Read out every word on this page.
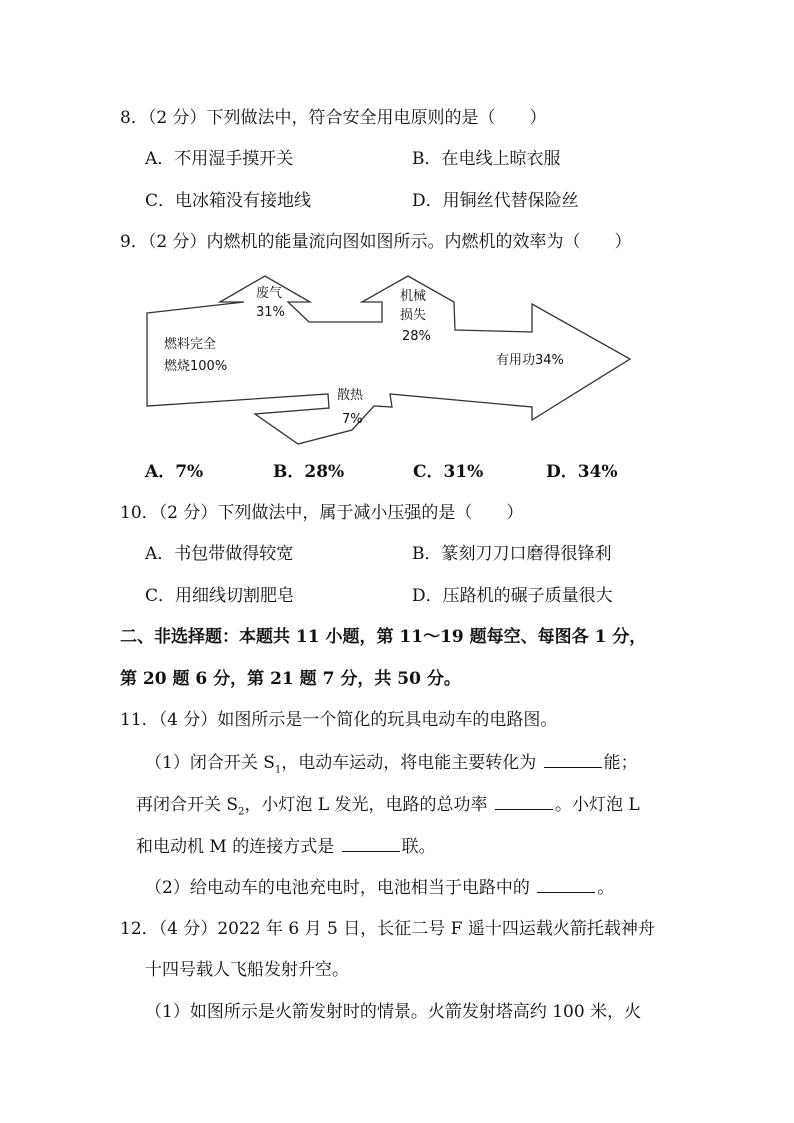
8．（2 分）下列做法中，符合安全用电原则的是（　　）
A．不用湿手摸开关	B．在电线上晾衣服
C．电冰箱没有接地线	D．用铜丝代替保险丝
9．（2 分）内燃机的能量流向图如图所示。内燃机的效率为（　　）
燃料完全
燃烧100%
废气
31%
机械
损失
28%
有用功34%
散热
7%
A．7%	B．28%	C．31%	D．34%
10．（2 分）下列做法中，属于减小压强的是（　　）
A．书包带做得较宽	B．篆刻刀刀口磨得很锋利
C．用细线切割肥皂	D．压路机的碾子质量很大
二、非选择题：本题共 11 小题，第 11～19 题每空、每图各 1 分，
第 20 题 6 分，第 21 题 7 分，共 50 分。
11．（4 分）如图所示是一个简化的玩具电动车的电路图。
（1）闭合开关 $S_1$，电动车运动，将电能主要转化为	能；
再闭合开关 $S_2$，小灯泡 L 发光，电路的总功率	。小灯泡 L
和电动机 M 的连接方式是	联。
（2）给电动车的电池充电时，电池相当于电路中的	。
12．（4 分）2022 年 6 月 5 日，长征二号 F 遥十四运载火箭托载神舟
十四号载人飞船发射升空。
（1）如图所示是火箭发射时的情景。火箭发射塔高约 100 米，火
